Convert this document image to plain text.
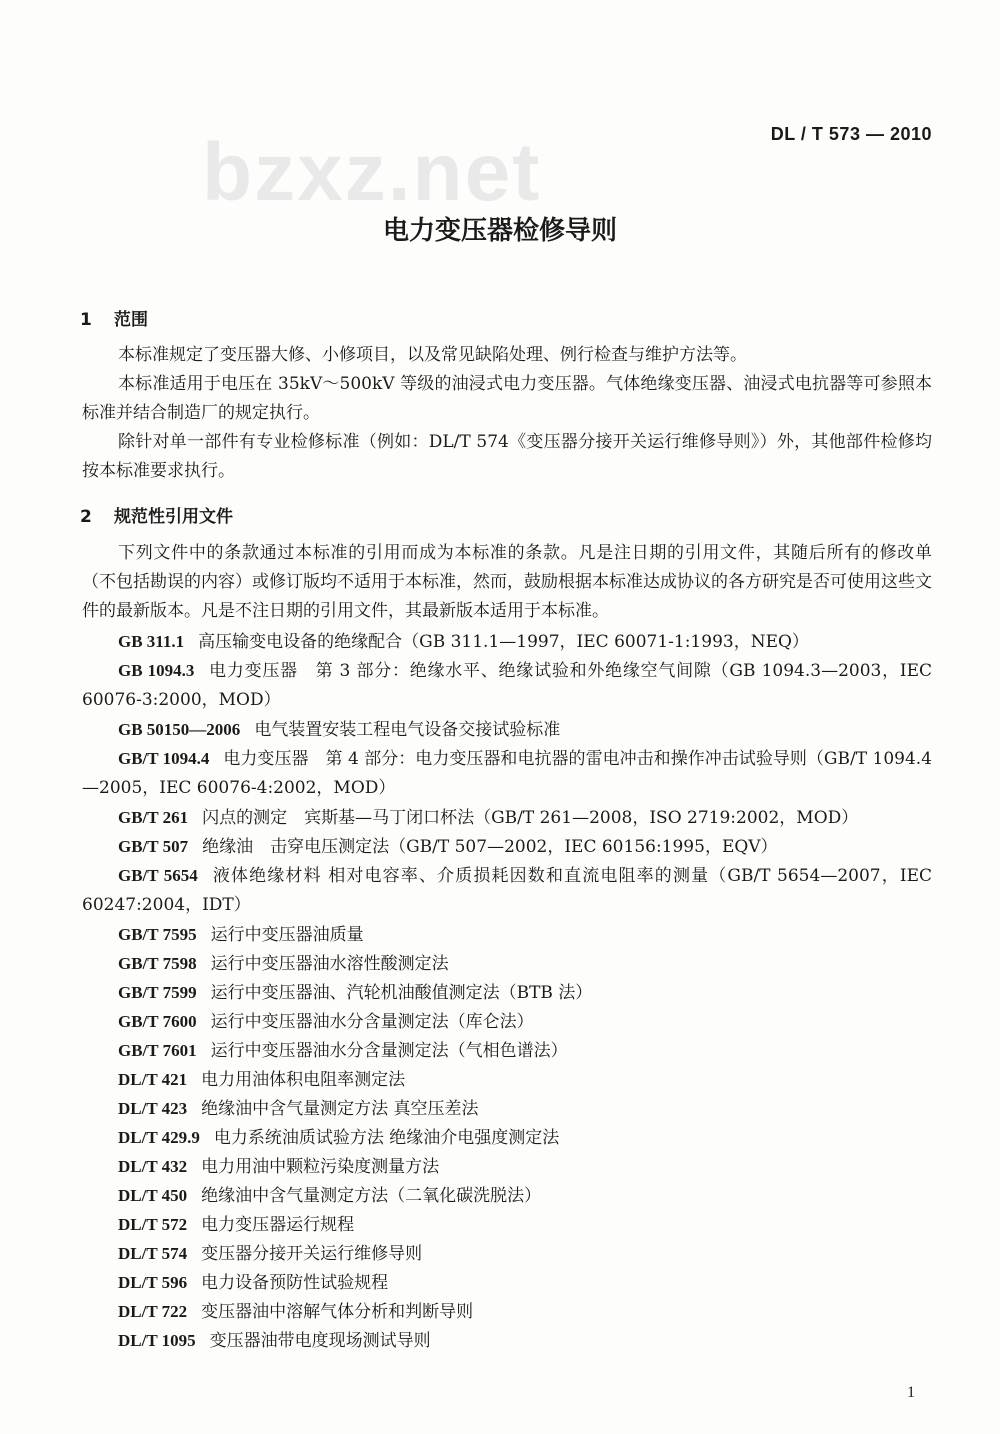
bzxz.net	DL / T 573 — 2010
电力变压器检修导则
1 范围
本标准规定了变压器大修、小修项目，以及常见缺陷处理、例行检查与维护方法等。
本标准适用于电压在 35kV～500kV 等级的油浸式电力变压器。气体绝缘变压器、油浸式电抗器等可参照本标准并结合制造厂的规定执行。
除针对单一部件有专业检修标准（例如：DL/T 574《变压器分接开关运行维修导则》）外，其他部件检修均按本标准要求执行。
2 规范性引用文件
下列文件中的条款通过本标准的引用而成为本标准的条款。凡是注日期的引用文件，其随后所有的修改单（不包括勘误的内容）或修订版均不适用于本标准，然而，鼓励根据本标准达成协议的各方研究是否可使用这些文件的最新版本。凡是不注日期的引用文件，其最新版本适用于本标准。
GB 311.1 高压输变电设备的绝缘配合（GB 311.1—1997，IEC 60071-1:1993，NEQ）
GB 1094.3 电力变压器　第 3 部分：绝缘水平、绝缘试验和外绝缘空气间隙（GB 1094.3—2003，IEC 60076-3:2000，MOD）
GB 50150—2006 电气装置安装工程电气设备交接试验标准
GB/T 1094.4 电力变压器　第 4 部分：电力变压器和电抗器的雷电冲击和操作冲击试验导则（GB/T 1094.4—2005，IEC 60076-4:2002，MOD）
GB/T 261 闪点的测定　宾斯基—马丁闭口杯法（GB/T 261—2008，ISO 2719:2002，MOD）
GB/T 507 绝缘油　击穿电压测定法（GB/T 507—2002，IEC 60156:1995，EQV）
GB/T 5654 液体绝缘材料 相对电容率、介质损耗因数和直流电阻率的测量（GB/T 5654—2007，IEC 60247:2004，IDT）
GB/T 7595 运行中变压器油质量
GB/T 7598 运行中变压器油水溶性酸测定法
GB/T 7599 运行中变压器油、汽轮机油酸值测定法（BTB 法）
GB/T 7600 运行中变压器油水分含量测定法（库仑法）
GB/T 7601 运行中变压器油水分含量测定法（气相色谱法）
DL/T 421 电力用油体积电阻率测定法
DL/T 423 绝缘油中含气量测定方法 真空压差法
DL/T 429.9 电力系统油质试验方法 绝缘油介电强度测定法
DL/T 432 电力用油中颗粒污染度测量方法
DL/T 450 绝缘油中含气量测定方法（二氧化碳洗脱法）
DL/T 572 电力变压器运行规程
DL/T 574 变压器分接开关运行维修导则
DL/T 596 电力设备预防性试验规程
DL/T 722 变压器油中溶解气体分析和判断导则
DL/T 1095 变压器油带电度现场测试导则
1
